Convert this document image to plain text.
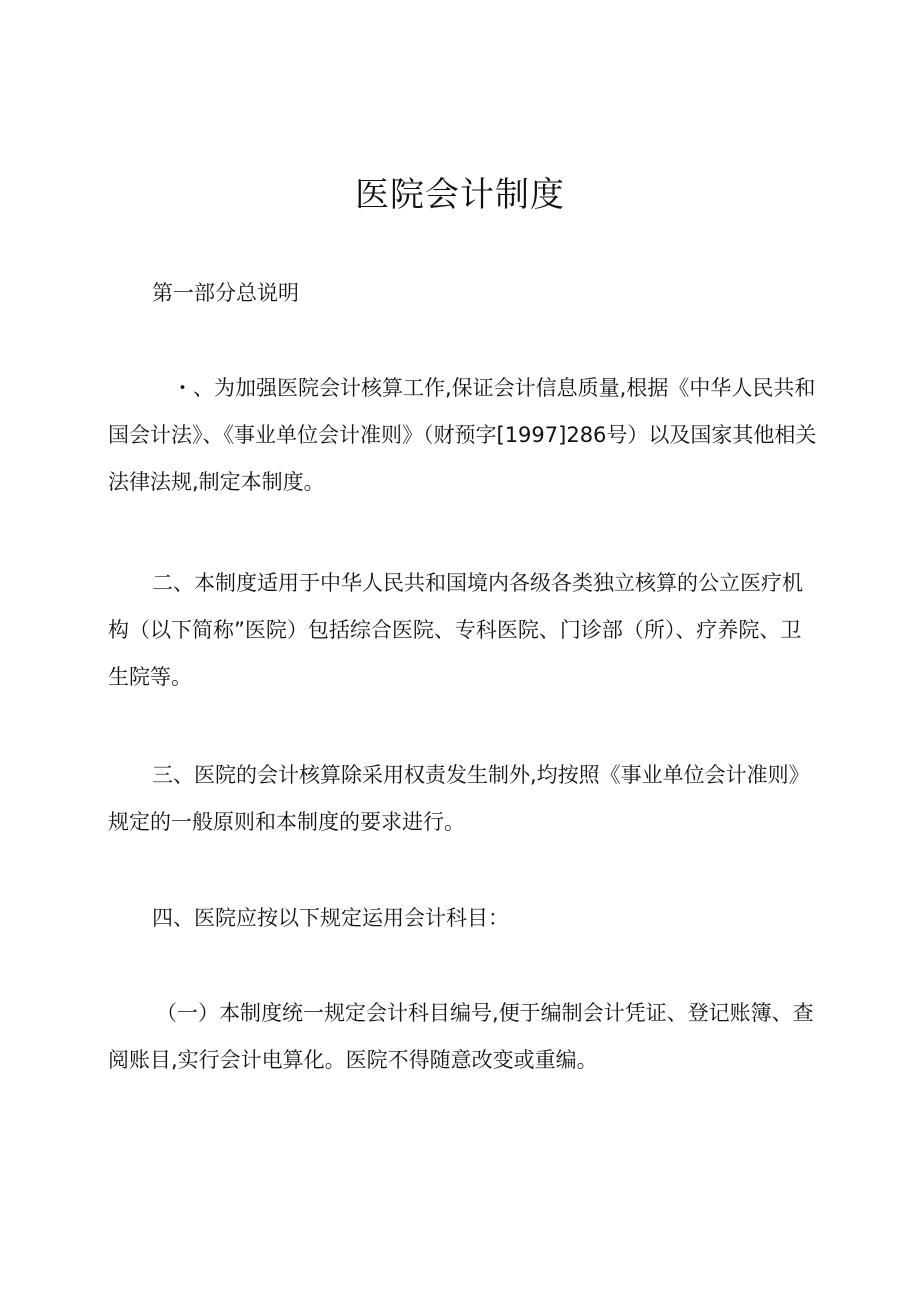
医院会计制度

第一部分总说明

・、为加强医院会计核算工作,保证会计信息质量,根据《中华人民共和国会计法》、《事业单位会计准则》（财预字[1997]286号）以及国家其他相关法律法规,制定本制度。

二、本制度适用于中华人民共和国境内各级各类独立核算的公立医疗机构（以下简称”医院）包括综合医院、专科医院、门诊部（所）、疗养院、卫生院等。

三、医院的会计核算除采用权责发生制外,均按照《事业单位会计准则》规定的一般原则和本制度的要求进行。

四、医院应按以下规定运用会计科目：

（一）本制度统一规定会计科目编号,便于编制会计凭证、登记账簿、查阅账目,实行会计电算化。医院不得随意改变或重编。
